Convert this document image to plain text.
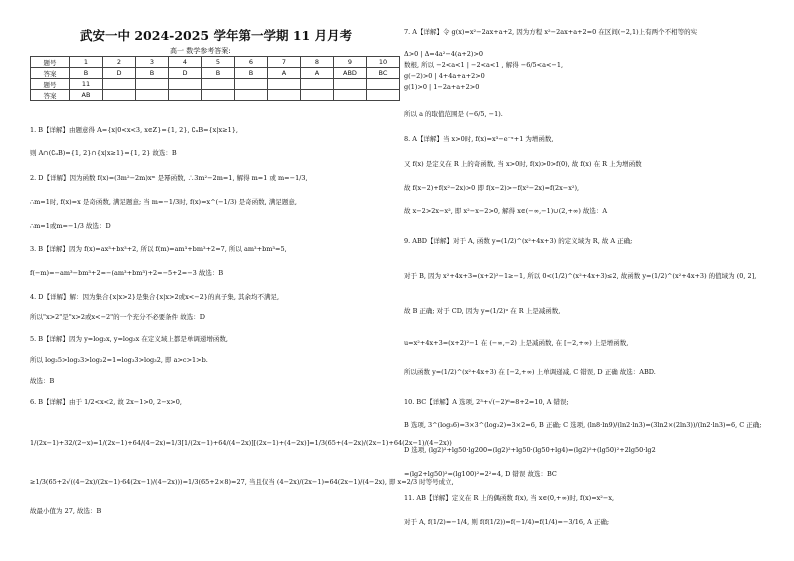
武安一中 2024-2025 学年第一学期 11 月月考
高一 数学参考答案:
题号	1	2	3	4	5	6	7	8	9	10
答案	B	D	B	D	B	B	A	A	ABD	BC
题号	11									
答案	AB									
1. B【详解】由题意得 A={x|0<x<3, x∈Z}={1, 2}, ∁ᵤB={x|x≥1},
则 A∩(∁ᵤB)={1, 2}∩{x|x≥1}={1, 2} 故选：B
2. D【详解】因为函数 f(x)=(3m²−2m)xᵐ 是幂函数, ∴3m²−2m=1, 解得 m=1 或 m=−1/3,
∴m=1时, f(x)=x 是奇函数, 满足题意; 当 m=−1/3时, f(x)=x^(−1/3) 是奇函数, 满足题意,
∴m=1或m=−1/3 故选：D
3. B【详解】因为 f(x)=ax³+bx³+2, 所以 f(m)=am³+bm³+2=7, 所以 am³+bm³=5,
f(−m)=−am³−bm³+2=−(am³+bm³)+2=−5+2=−3 故选：B
4. D【详解】解：因为集合{x|x>2}是集合{x|x>2或x<−2}的真子集, 其余均不满足,
所以"x>2"是"x>2或x<−2"的一个充分不必要条件 故选：D
5. B【详解】因为 y=log₂x, y=log₃x 在定义域上都是单调递增函数,
所以 log₂5>log₂3>log₂2=1=log₃3>log₃2, 即 a>c>1>b.
故选：B
6. B【详解】由于 1/2<x<2, 故 2x−1>0, 2−x>0,
1/(2x−1)+32/(2−x)=1/(2x−1)+64/(4−2x)=1/3[1/(2x−1)+64/(4−2x)][(2x−1)+(4−2x)]=1/3(65+(4−2x)/(2x−1)+64(2x−1)/(4−2x))
≥1/3(65+2√((4−2x)/(2x−1)·64(2x−1)/(4−2x)))=1/3(65+2×8)=27, 当且仅当 (4−2x)/(2x−1)=64(2x−1)/(4−2x), 即 x=2/3 时等号成立,
故最小值为 27, 故选：B
7. A【详解】令 g(x)=x²−2ax+a+2, 因为方程 x²−2ax+a+2=0 在区间(−2,1)上有两个不相等的实
Δ>0 | Δ=4a²−4(a+2)>0
数根, 所以 −2<a<1 | −2<a<1 , 解得 −6/5<a<−1,
g(−2)>0 | 4+4a+a+2>0
g(1)>0 | 1−2a+a+2>0
所以 a 的取值范围是 (−6/5, −1).
8. A【详解】当 x>0时, f(x)=x³−e⁻ˣ+1 为增函数,
又 f(x) 是定义在 R 上的奇函数, 当 x>0时, f(x)>0>f(0), 故 f(x) 在 R 上为增函数
故 f(x−2)+f(x²−2x)>0 即 f(x−2)>−f(x²−2x)=f(2x−x²),
故 x−2>2x−x², 即 x²−x−2>0, 解得 x∈(−∞,−1)∪(2,+∞) 故选：A
9. ABD【详解】对于 A, 函数 y=(1/2)^(x²+4x+3) 的定义域为 R, 故 A 正确;
对于 B, 因为 x²+4x+3=(x+2)²−1≥−1, 所以 0<(1/2)^(x²+4x+3)≤2, 故函数 y=(1/2)^(x²+4x+3) 的值域为 (0, 2],
故 B 正确; 对于 CD, 因为 y=(1/2)ᵘ 在 R 上是减函数,
u=x²+4x+3=(x+2)²−1 在 (−∞,−2) 上是减函数, 在 [−2,+∞) 上是增函数,
所以函数 y=(1/2)^(x²+4x+3) 在 [−2,+∞) 上单调递减, C 错误, D 正确 故选：ABD.
10. BC【详解】A 选项, 2³+√(−2)⁶=8+2=10, A 错误;
B 选项, 3^(log₃6)=3×3^(log₃2)=3×2=6, B 正确; C 选项, (ln8·ln9)/(ln2·ln3)=(3ln2×(2ln3))/(ln2·ln3)=6, C 正确;
D 选项, (lg2)²+lg50·lg200=(lg2)²+lg50·(lg50+lg4)=(lg2)²+(lg50)²+2lg50·lg2
=(lg2+lg50)²=(lg100)²=2²=4, D 错误 故选：BC
11. AB【详解】定义在 R 上的偶函数 f(x), 当 x∈(0,+∞)时, f(x)=x²−x,
对于 A, f(1/2)=−1/4, 则 f(f(1/2))=f(−1/4)=f(1/4)=−3/16, A 正确;
